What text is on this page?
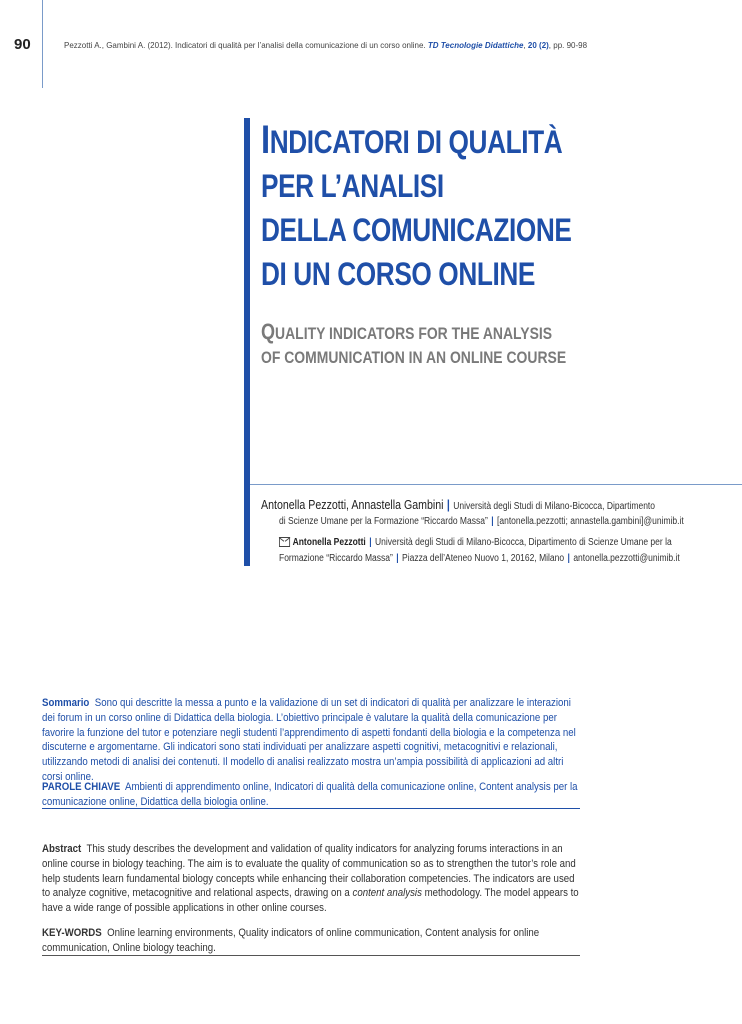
90	Pezzotti A., Gambini A. (2012). Indicatori di qualità per l’analisi della comunicazione di un corso online. TD Tecnologie Didattiche, 20 (2), pp. 90-98
INDICATORI DI QUALITÀ
PER L’ANALISI
DELLA COMUNICAZIONE
DI UN CORSO ONLINE
QUALITY INDICATORS FOR THE ANALYSIS
OF COMMUNICATION IN AN ONLINE COURSE
Antonella Pezzotti, Annastella Gambini | Università degli Studi di Milano-Bicocca, Dipartimento
di Scienze Umane per la Formazione “Riccardo Massa” | [antonella.pezzotti; annastella.gambini]@unimib.it
Antonella Pezzotti | Università degli Studi di Milano-Bicocca, Dipartimento di Scienze Umane per la
Formazione “Riccardo Massa” | Piazza dell’Ateneo Nuovo 1, 20162, Milano | antonella.pezzotti@unimib.it
Sommario Sono qui descritte la messa a punto e la validazione di un set di indicatori di qualità per analizzare le interazioni dei forum in un corso online di Didattica della biologia. L’obiettivo principale è valutare la qualità della comunicazione per favorire la funzione del tutor e potenziare negli studenti l’apprendimento di aspetti fondanti della biologia e la competenza nel discuterne e argomentarne. Gli indicatori sono stati individuati per analizzare aspetti cognitivi, metacognitivi e relazionali, utilizzando metodi di analisi dei contenuti. Il modello di analisi realizzato mostra un’ampia possibilità di applicazioni ad altri corsi online.
PAROLE CHIAVE Ambienti di apprendimento online, Indicatori di qualità della comunicazione online, Content analysis per la comunicazione online, Didattica della biologia online.
Abstract This study describes the development and validation of quality indicators for analyzing forums interactions in an online course in biology teaching. The aim is to evaluate the quality of communication so as to strengthen the tutor’s role and help students learn fundamental biology concepts while enhancing their collaboration competencies. The indicators are used to analyze cognitive, metacognitive and relational aspects, drawing on a content analysis methodology. The model appears to have a wide range of possible applications in other online courses.
KEY-WORDS Online learning environments, Quality indicators of online communication, Content analysis for online communication, Online biology teaching.
